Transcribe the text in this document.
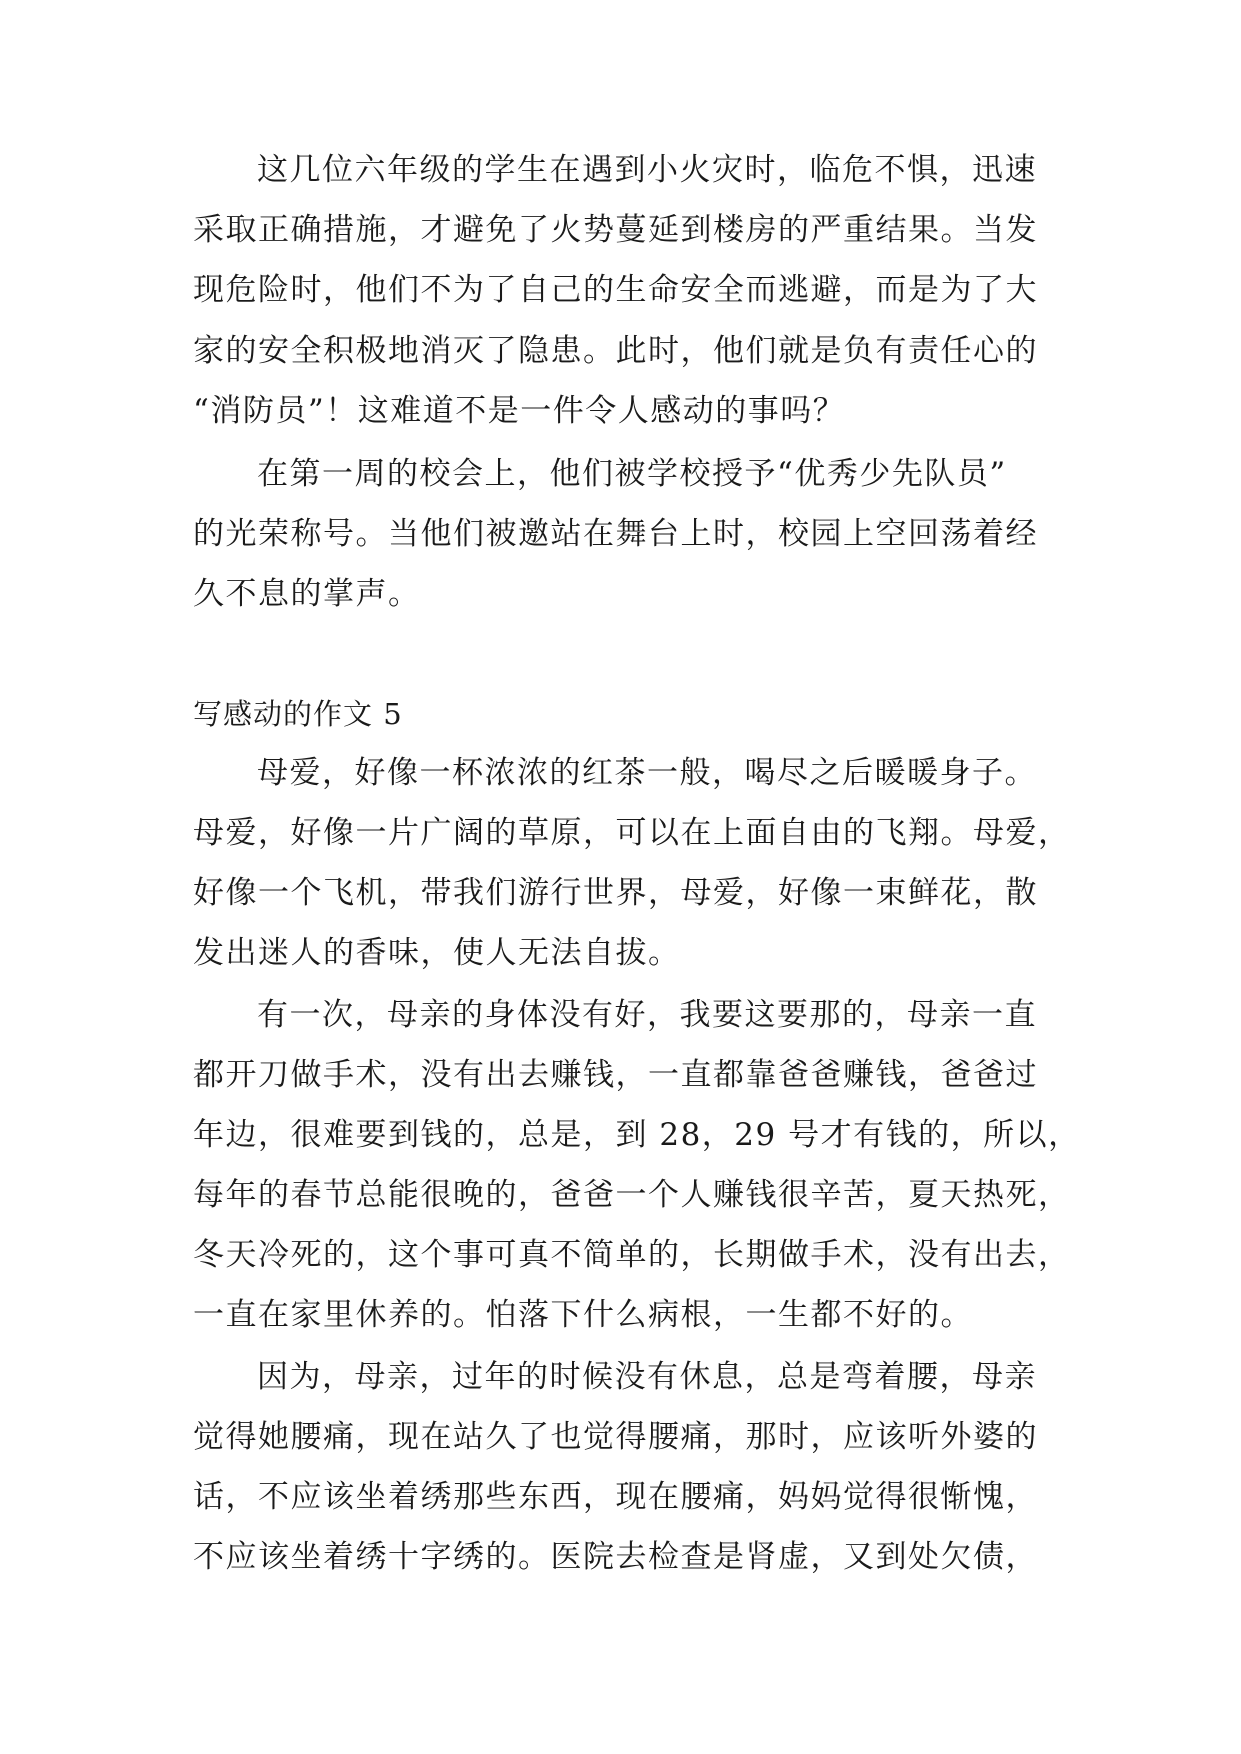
这几位六年级的学生在遇到小火灾时，临危不惧，迅速
采取正确措施，才避免了火势蔓延到楼房的严重结果。当发
现危险时，他们不为了自己的生命安全而逃避，而是为了大
家的安全积极地消灭了隐患。此时，他们就是负有责任心的
“消防员”！这难道不是一件令人感动的事吗？
在第一周的校会上，他们被学校授予“优秀少先队员”
的光荣称号。当他们被邀站在舞台上时，校园上空回荡着经
久不息的掌声。
写感动的作文 5
母爱，好像一杯浓浓的红茶一般，喝尽之后暖暖身子。
母爱，好像一片广阔的草原，可以在上面自由的飞翔。母爱，
好像一个飞机，带我们游行世界，母爱，好像一束鲜花，散
发出迷人的香味，使人无法自拔。
有一次，母亲的身体没有好，我要这要那的，母亲一直
都开刀做手术，没有出去赚钱，一直都靠爸爸赚钱，爸爸过
年边，很难要到钱的，总是，到 28，29 号才有钱的，所以，
每年的春节总能很晚的，爸爸一个人赚钱很辛苦，夏天热死，
冬天冷死的，这个事可真不简单的，长期做手术，没有出去，
一直在家里休养的。怕落下什么病根，一生都不好的。
因为，母亲，过年的时候没有休息，总是弯着腰，母亲
觉得她腰痛，现在站久了也觉得腰痛，那时，应该听外婆的
话，不应该坐着绣那些东西，现在腰痛，妈妈觉得很惭愧，
不应该坐着绣十字绣的。医院去检查是肾虚，又到处欠债，
